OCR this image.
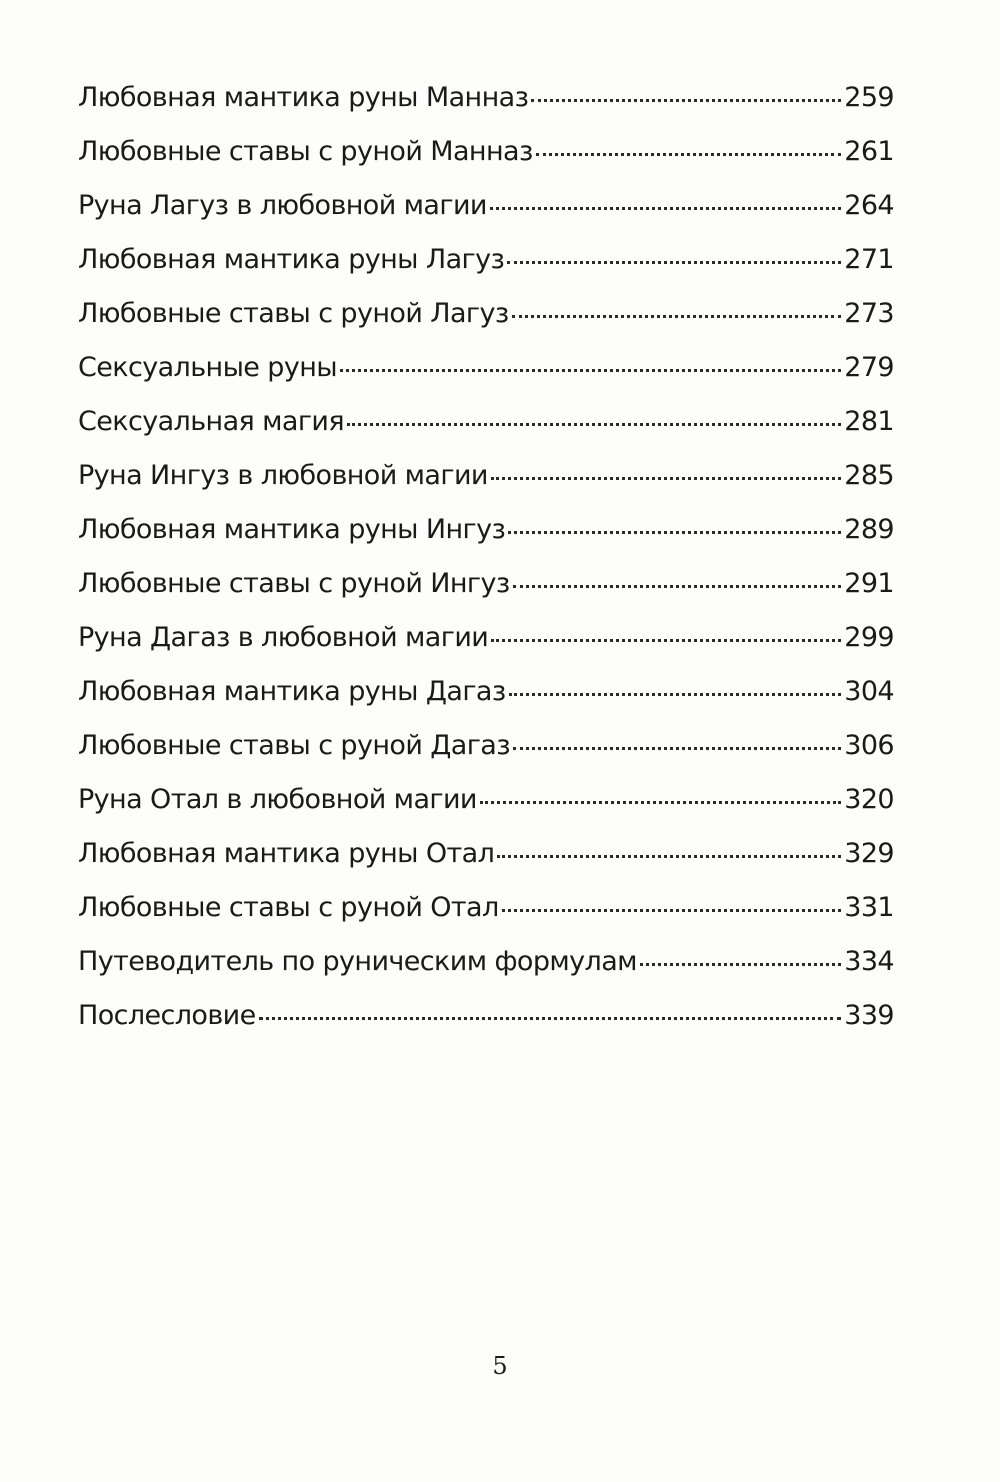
Любовная мантика руны Манназ	259
Любовные ставы с руной Манназ	261
Руна Лагуз в любовной магии	264
Любовная мантика руны Лагуз	271
Любовные ставы с руной Лагуз	273
Сексуальные руны	279
Сексуальная магия	281
Руна Ингуз в любовной магии	285
Любовная мантика руны Ингуз	289
Любовные ставы с руной Ингуз	291
Руна Дагаз в любовной магии	299
Любовная мантика руны Дагаз	304
Любовные ставы с руной Дагаз	306
Руна Отал в любовной магии	320
Любовная мантика руны Отал	329
Любовные ставы с руной Отал	331
Путеводитель по руническим формулам	334
Послесловие	339
5
